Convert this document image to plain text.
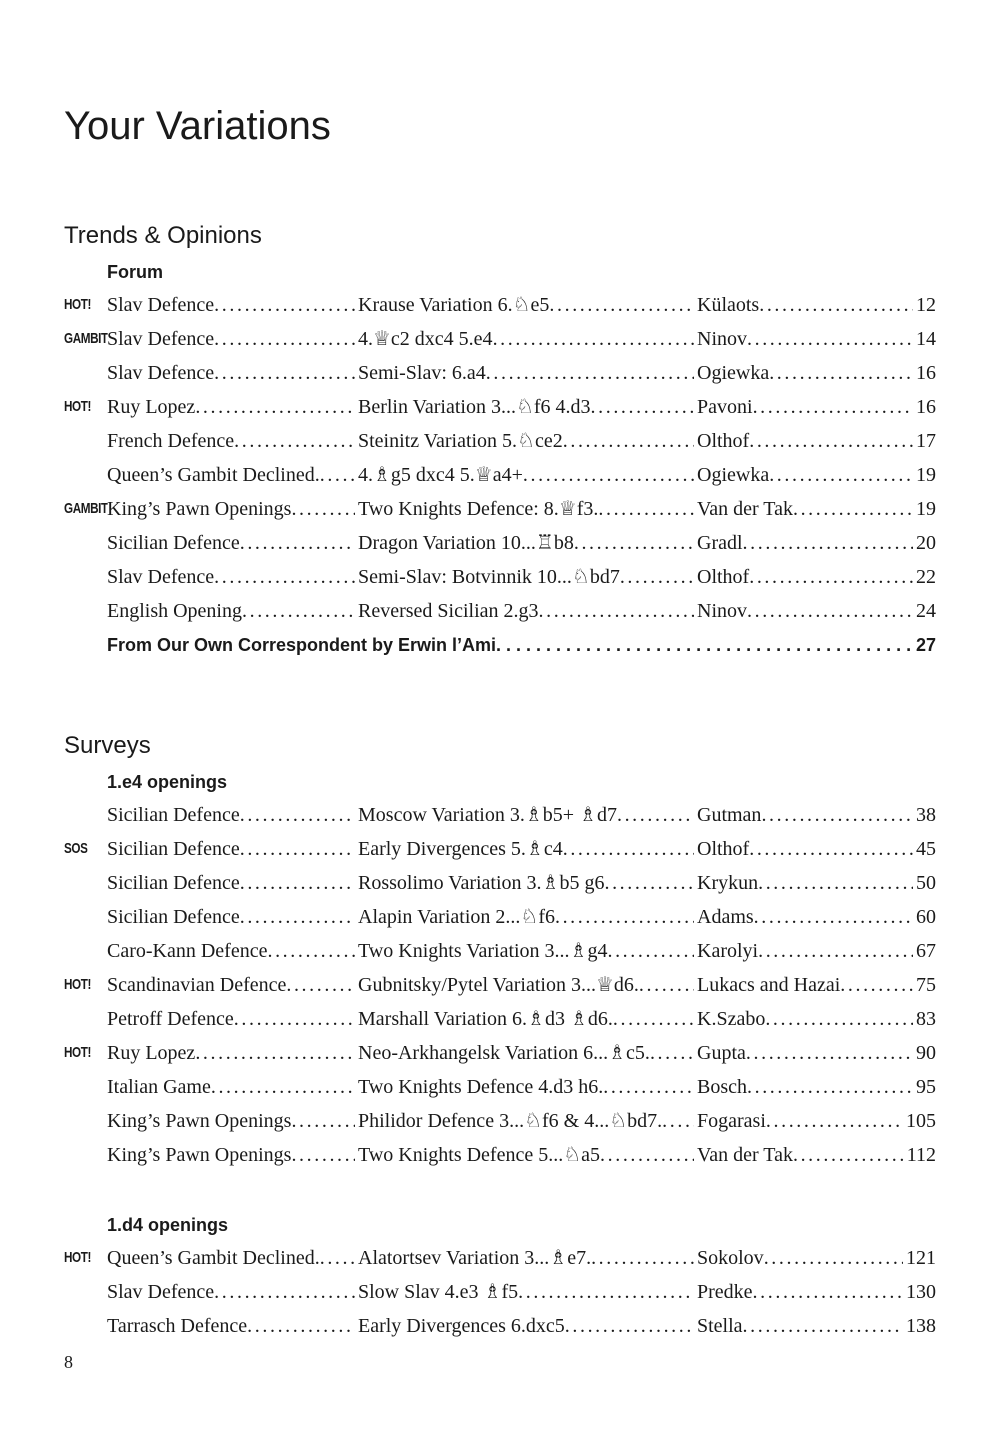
Your Variations
Trends & Opinions
Forum
HOT! Slav Defence . . .	Krause Variation 6.♘e5 . . .	Külaots . . .	12
GAMBIT Slav Defence . . .	4.♕c2 dxc4 5.e4 . . .	Ninov . . .	14
Slav Defence . . .	Semi-Slav: 6.a4 . . .	Ogiewka . . .	16
HOT! Ruy Lopez . . .	Berlin Variation 3...♘f6 4.d3 . . .	Pavoni . . .	16
French Defence . . .	Steinitz Variation 5.♘ce2 . . .	Olthof . . .	17
Queen’s Gambit Declined. . . . 4.♗g5 dxc4 5.♕a4+ . . .	Ogiewka . . .	19
GAMBIT King’s Pawn Openings . . .	Two Knights Defence: 8.♕f3. . . .	Van der Tak . . .	19
Sicilian Defence . . .	Dragon Variation 10...♖b8 . . .	Gradl . . .	20
Slav Defence . . .	Semi-Slav: Botvinnik 10...♘bd7 . . .	Olthof . . .	22
English Opening . . .	Reversed Sicilian 2.g3 . . .	Ninov . . .	24
From Our Own Correspondent by Erwin l’Ami . . .	27
Surveys
1.e4 openings
Sicilian Defence . . .	Moscow Variation 3.♗b5+ ♗d7 . . .	Gutman . . .	38
SOS Sicilian Defence . . .	Early Divergences 5.♗c4 . . .	Olthof . . .	45
Sicilian Defence . . .	Rossolimo Variation 3.♗b5 g6 . . .	Krykun . . .	50
Sicilian Defence . . .	Alapin Variation 2...♘f6 . . .	Adams . . .	60
Caro-Kann Defence . . .	Two Knights Variation 3...♗g4 . . .	Karolyi . . .	67
HOT! Scandinavian Defence . . .	Gubnitsky/Pytel Variation 3...♕d6. . . .	Lukacs and Hazai . . .	75
Petroff Defence . . .	Marshall Variation 6.♗d3 ♗d6. . . .	K.Szabo . . .	83
HOT! Ruy Lopez . . .	Neo-Arkhangelsk Variation 6...♗c5. . . . Gupta . . .	90
Italian Game . . .	Two Knights Defence 4.d3 h6. . . .	Bosch . . .	95
King’s Pawn Openings . . .	Philidor Defence 3...♘f6 & 4...♘bd7. . . . Fogarasi . . .	105
King’s Pawn Openings . . .	Two Knights Defence 5...♘a5 . . .	Van der Tak . . .	112
1.d4 openings
HOT! Queen’s Gambit Declined. . . . Alatortsev Variation 3...♗e7. . . .	Sokolov . . .	121
Slav Defence . . .	Slow Slav 4.e3 ♗f5 . . .	Predke . . .	130
Tarrasch Defence . . .	Early Divergences 6.dxc5 . . .	Stella . . .	138
8
